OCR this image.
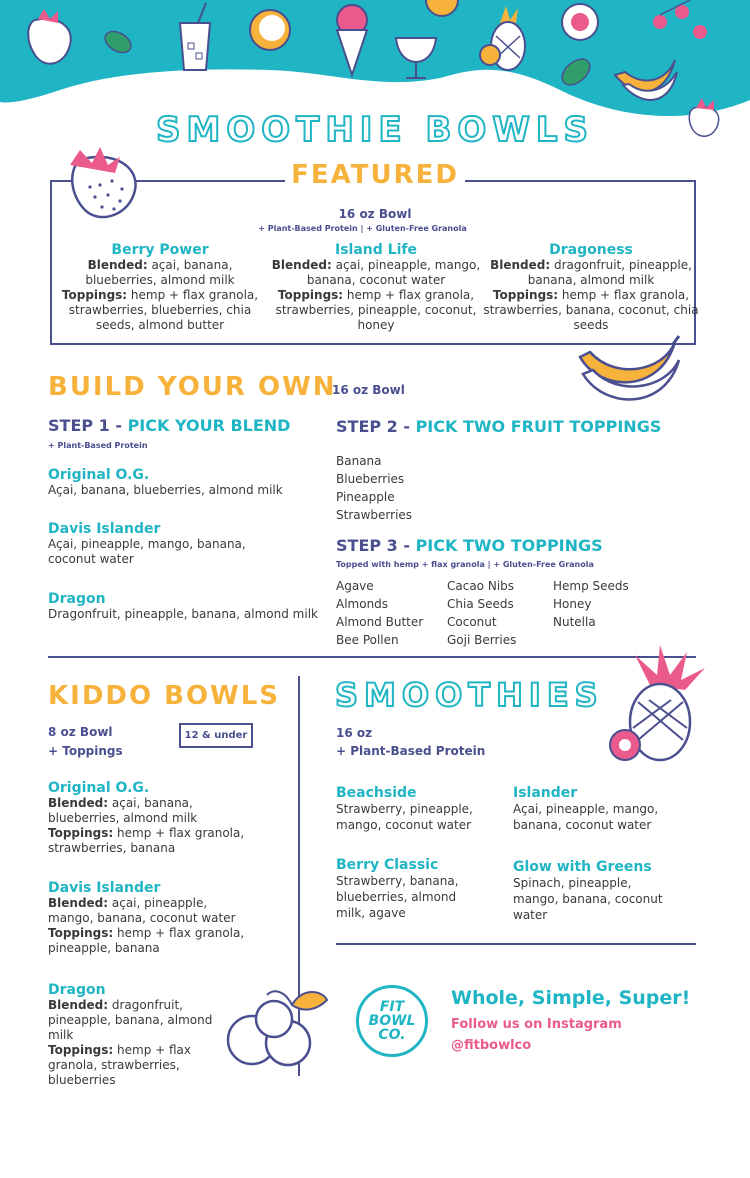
SMOOTHIE BOWLS
FEATURED
16 oz Bowl
+ Plant-Based Protein | + Gluten-Free Granola
Berry Power
Blended: açai, banana, blueberries, almond milk
Toppings: hemp + flax granola, strawberries, blueberries, chia seeds, almond butter
Island Life
Blended: açai, pineapple, mango, banana, coconut water
Toppings: hemp + flax granola, strawberries, pineapple, coconut, honey
Dragoness
Blended: dragonfruit, pineapple, banana, almond milk
Toppings: hemp + flax granola, strawberries, banana, coconut, chia seeds
BUILD YOUR OWN
16 oz Bowl
STEP 1 - PICK YOUR BLEND
+ Plant-Based Protein
Original O.G.
Açai, banana, blueberries, almond milk
Davis Islander
Açai, pineapple, mango, banana, coconut water
Dragon
Dragonfruit, pineapple, banana, almond milk
STEP 2 - PICK TWO FRUIT TOPPINGS
Banana
Blueberries
Pineapple
Strawberries
STEP 3 - PICK TWO TOPPINGS
Topped with hemp + flax granola | + Gluten-Free Granola
Agave
Almonds
Almond Butter
Bee Pollen
Cacao Nibs
Chia Seeds
Coconut
Goji Berries
Hemp Seeds
Honey
Nutella
KIDDO BOWLS
8 oz Bowl
+ Toppings
12 & under
Original O.G.
Blended: açai, banana, blueberries, almond milk
Toppings: hemp + flax granola, strawberries, banana
Davis Islander
Blended: açai, pineapple, mango, banana, coconut water
Toppings: hemp + flax granola, pineapple, banana
Dragon
Blended: dragonfruit, pineapple, banana, almond milk
Toppings: hemp + flax granola, strawberries, blueberries
SMOOTHIES
16 oz
+ Plant-Based Protein
Beachside
Strawberry, pineapple, mango, coconut water
Islander
Açai, pineapple, mango, banana, coconut water
Berry Classic
Strawberry, banana, blueberries, almond milk, agave
Glow with Greens
Spinach, pineapple, mango, banana, coconut water
FIT
BOWL
CO.
Whole, Simple, Super!
Follow us on Instagram
@fitbowlco
